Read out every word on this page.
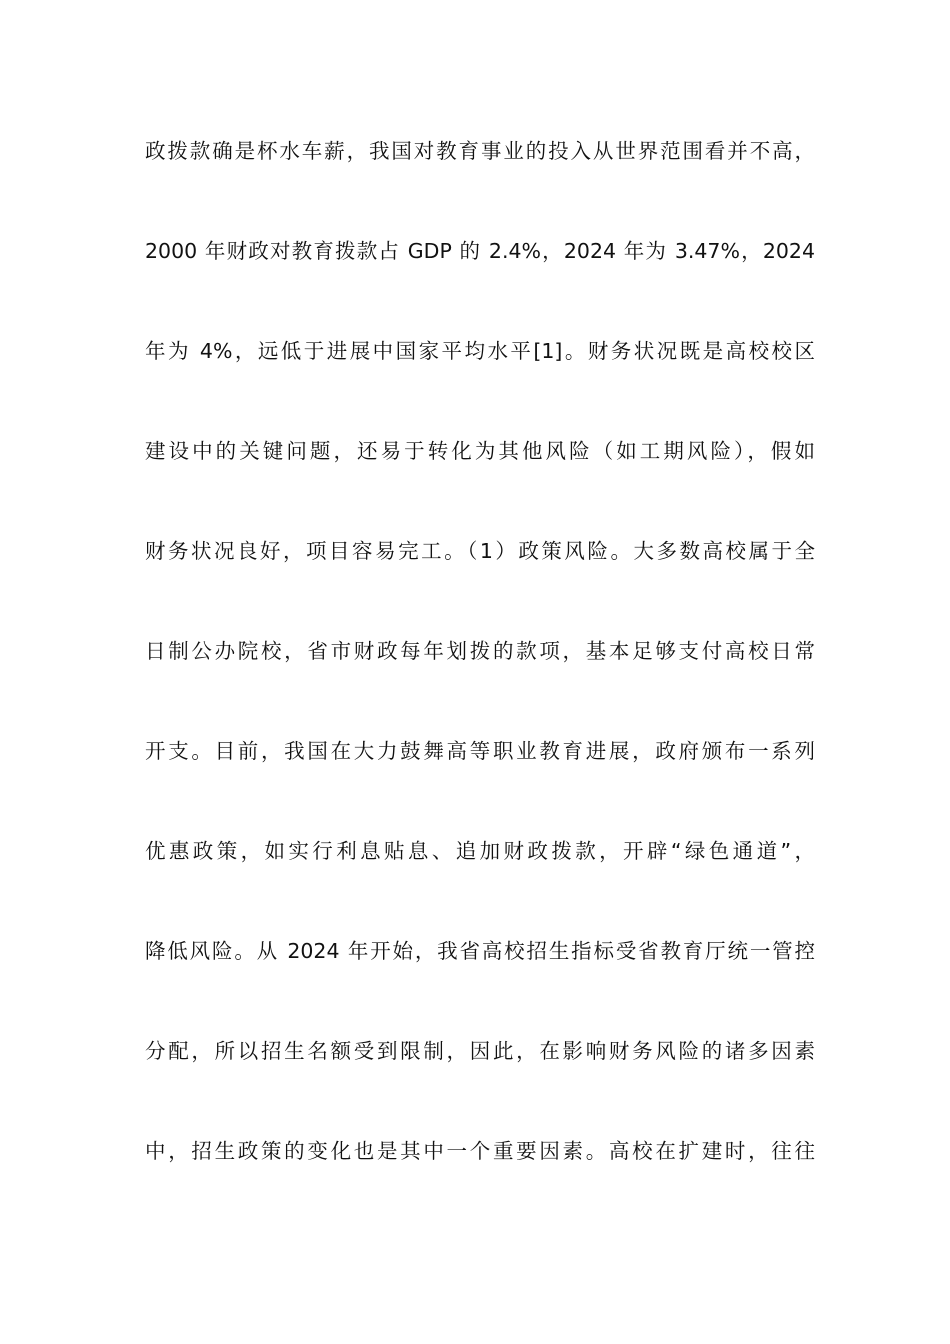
政拨款确是杯水车薪，我国对教育事业的投入从世界范围看并不高，
2000 年财政对教育拨款占 GDP 的 2.4%，2024 年为 3.47%，2024
年为 4%，远低于进展中国家平均水平[1]。财务状况既是高校校区
建设中的关键问题，还易于转化为其他风险（如工期风险），假如
财务状况良好，项目容易完工。（1）政策风险。大多数高校属于全
日制公办院校，省市财政每年划拨的款项，基本足够支付高校日常
开支。目前，我国在大力鼓舞高等职业教育进展，政府颁布一系列
优惠政策，如实行利息贴息、追加财政拨款，开辟“绿色通道”，
降低风险。从 2024 年开始，我省高校招生指标受省教育厅统一管控
分配，所以招生名额受到限制，因此，在影响财务风险的诸多因素
中，招生政策的变化也是其中一个重要因素。高校在扩建时，往往
